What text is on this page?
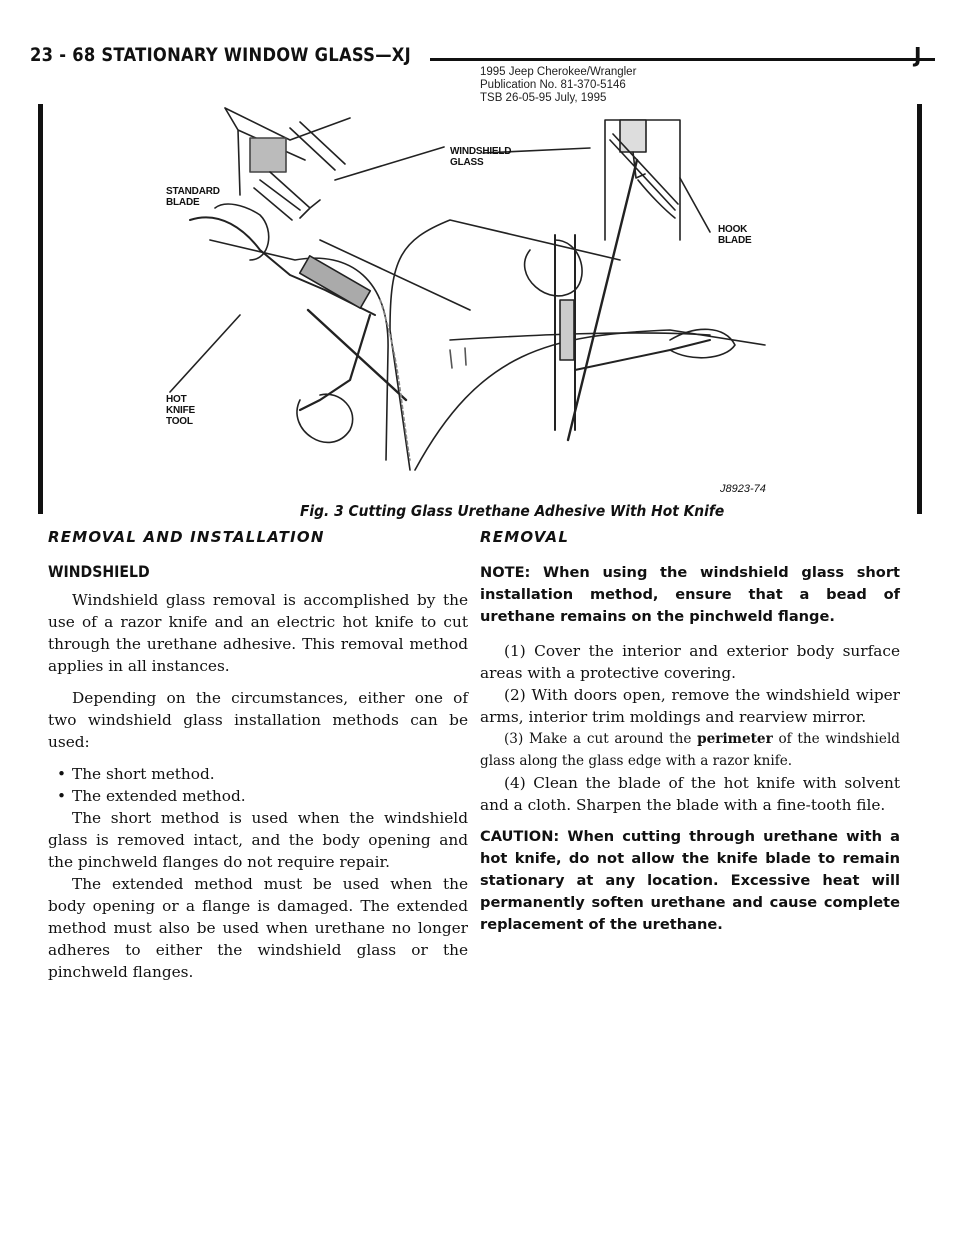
23 - 68 STATIONARY WINDOW GLASS—XJ	J
1995 Jeep Cherokee/Wrangler
Publication No. 81-370-5146
TSB 26-05-95 July, 1995
STANDARD
BLADE
WINDSHIELD
GLASS
HOOK
BLADE
HOT
KNIFE
TOOL
J8923-74
Fig. 3 Cutting Glass Urethane Adhesive With Hot Knife
REMOVAL AND INSTALLATION
WINDSHIELD

Windshield glass removal is accomplished by the use of a razor knife and an electric hot knife to cut through the urethane adhesive. This removal method applies in all instances.

Depending on the circumstances, either one of two windshield glass installation methods can be used:

• The short method.
• The extended method.

The short method is used when the windshield glass is removed intact, and the body opening and the pinchweld flanges do not require repair.

The extended method must be used when the body opening or a flange is damaged. The extended method must also be used when urethane no longer adheres to either the windshield glass or the pinchweld flanges.

REMOVAL
NOTE: When using the windshield glass short installation method, ensure that a bead of urethane remains on the pinchweld flange.

(1) Cover the interior and exterior body surface areas with a protective covering.

(2) With doors open, remove the windshield wiper arms, interior trim moldings and rearview mirror.

(3) Make a cut around the perimeter of the windshield glass along the glass edge with a razor knife.

(4) Clean the blade of the hot knife with solvent and a cloth. Sharpen the blade with a fine-tooth file.

CAUTION: When cutting through urethane with a hot knife, do not allow the knife blade to remain stationary at any location. Excessive heat will permanently soften urethane and cause complete replacement of the urethane.
